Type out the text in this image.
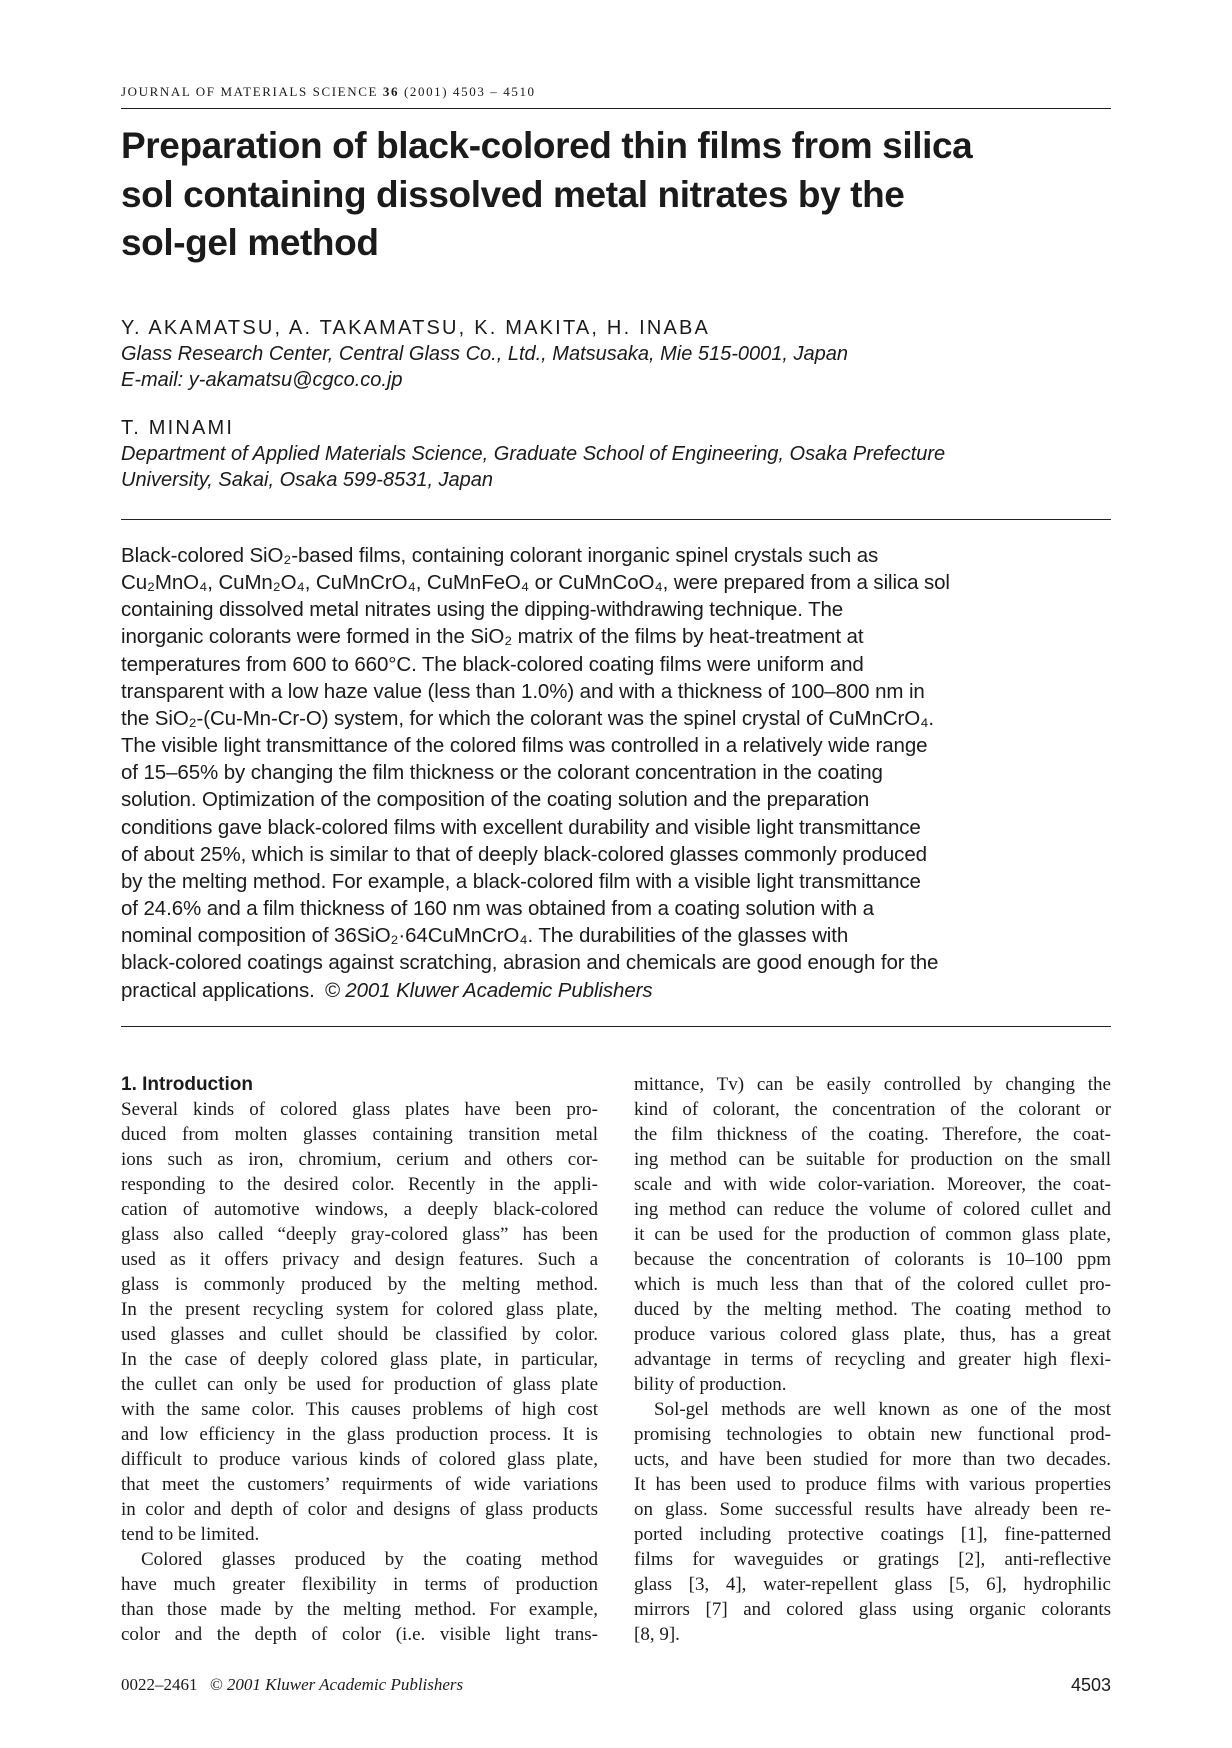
JOURNAL OF MATERIALS SCIENCE 36 (2001) 4503 – 4510
Preparation of black-colored thin films from silica
sol containing dissolved metal nitrates by the
sol-gel method
Y. AKAMATSU, A. TAKAMATSU, K. MAKITA, H. INABA
Glass Research Center, Central Glass Co., Ltd., Matsusaka, Mie 515-0001, Japan
E-mail: y-akamatsu@cgco.co.jp
T. MINAMI
Department of Applied Materials Science, Graduate School of Engineering, Osaka Prefecture
University, Sakai, Osaka 599-8531, Japan
Black-colored SiO₂-based films, containing colorant inorganic spinel crystals such as
Cu₂MnO₄, CuMn₂O₄, CuMnCrO₄, CuMnFeO₄ or CuMnCoO₄, were prepared from a silica sol
containing dissolved metal nitrates using the dipping-withdrawing technique. The
inorganic colorants were formed in the SiO₂ matrix of the films by heat-treatment at
temperatures from 600 to 660°C. The black-colored coating films were uniform and
transparent with a low haze value (less than 1.0%) and with a thickness of 100–800 nm in
the SiO₂-(Cu-Mn-Cr-O) system, for which the colorant was the spinel crystal of CuMnCrO₄.
The visible light transmittance of the colored films was controlled in a relatively wide range
of 15–65% by changing the film thickness or the colorant concentration in the coating
solution. Optimization of the composition of the coating solution and the preparation
conditions gave black-colored films with excellent durability and visible light transmittance
of about 25%, which is similar to that of deeply black-colored glasses commonly produced
by the melting method. For example, a black-colored film with a visible light transmittance
of 24.6% and a film thickness of 160 nm was obtained from a coating solution with a
nominal composition of 36SiO₂·64CuMnCrO₄. The durabilities of the glasses with
black-colored coatings against scratching, abrasion and chemicals are good enough for the
practical applications. © 2001 Kluwer Academic Publishers
1. Introduction
Several kinds of colored glass plates have been pro-
duced from molten glasses containing transition metal
ions such as iron, chromium, cerium and others cor-
responding to the desired color. Recently in the appli-
cation of automotive windows, a deeply black-colored
glass also called “deeply gray-colored glass” has been
used as it offers privacy and design features. Such a
glass is commonly produced by the melting method.
In the present recycling system for colored glass plate,
used glasses and cullet should be classified by color.
In the case of deeply colored glass plate, in particular,
the cullet can only be used for production of glass plate
with the same color. This causes problems of high cost
and low efficiency in the glass production process. It is
difficult to produce various kinds of colored glass plate,
that meet the customers’ requirments of wide variations
in color and depth of color and designs of glass products
tend to be limited.
Colored glasses produced by the coating method
have much greater flexibility in terms of production
than those made by the melting method. For example,
color and the depth of color (i.e. visible light trans-
mittance, Tv) can be easily controlled by changing the
kind of colorant, the concentration of the colorant or
the film thickness of the coating. Therefore, the coat-
ing method can be suitable for production on the small
scale and with wide color-variation. Moreover, the coat-
ing method can reduce the volume of colored cullet and
it can be used for the production of common glass plate,
because the concentration of colorants is 10–100 ppm
which is much less than that of the colored cullet pro-
duced by the melting method. The coating method to
produce various colored glass plate, thus, has a great
advantage in terms of recycling and greater high flexi-
bility of production.
Sol-gel methods are well known as one of the most
promising technologies to obtain new functional prod-
ucts, and have been studied for more than two decades.
It has been used to produce films with various properties
on glass. Some successful results have already been re-
ported including protective coatings [1], fine-patterned
films for waveguides or gratings [2], anti-reflective
glass [3, 4], water-repellent glass [5, 6], hydrophilic
mirrors [7] and colored glass using organic colorants
[8, 9].
0022–2461 © 2001 Kluwer Academic Publishers	4503
